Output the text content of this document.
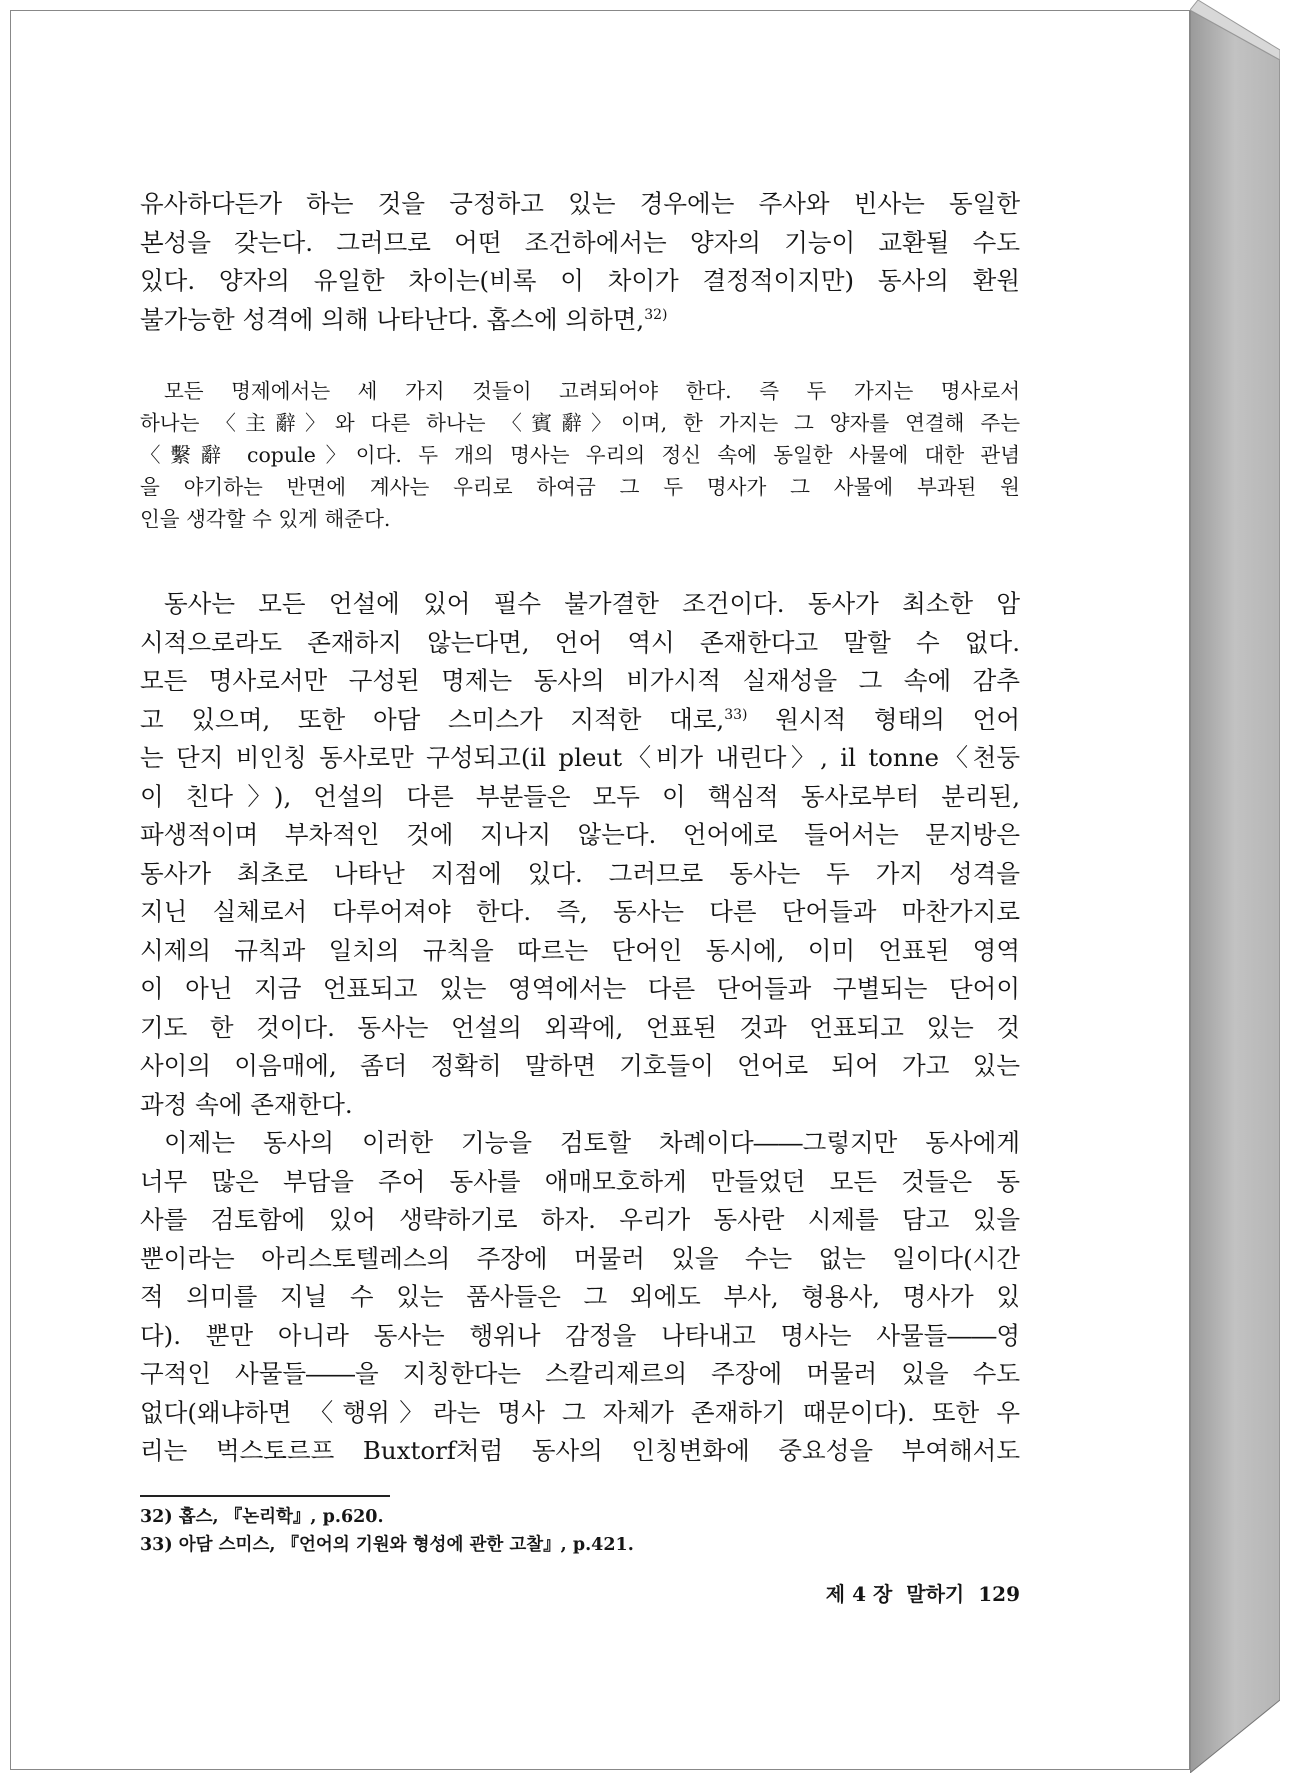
유사하다든가 하는 것을 긍정하고 있는 경우에는 주사와 빈사는 동일한
본성을 갖는다. 그러므로 어떤 조건하에서는 양자의 기능이 교환될 수도
있다. 양자의 유일한 차이는(비록 이 차이가 결정적이지만) 동사의 환원
불가능한 성격에 의해 나타난다. 홉스에 의하면,$^{32)}$
모든 명제에서는 세 가지 것들이 고려되어야 한다. 즉 두 가지는 명사로서
하나는 〈主辭〉와 다른 하나는 〈賓辭〉이며, 한 가지는 그 양자를 연결해 주는
〈繫辭 copule〉이다. 두 개의 명사는 우리의 정신 속에 동일한 사물에 대한 관념
을 야기하는 반면에 계사는 우리로 하여금 그 두 명사가 그 사물에 부과된 원
인을 생각할 수 있게 해준다.
동사는 모든 언설에 있어 필수 불가결한 조건이다. 동사가 최소한 암
시적으로라도 존재하지 않는다면, 언어 역시 존재한다고 말할 수 없다.
모든 명사로서만 구성된 명제는 동사의 비가시적 실재성을 그 속에 감추
고 있으며, 또한 아담 스미스가 지적한 대로,$^{33)}$ 원시적 형태의 언어
는 단지 비인칭 동사로만 구성되고(il pleut〈비가 내린다〉, il tonne〈천둥
이 친다〉), 언설의 다른 부분들은 모두 이 핵심적 동사로부터 분리된,
파생적이며 부차적인 것에 지나지 않는다. 언어에로 들어서는 문지방은
동사가 최초로 나타난 지점에 있다. 그러므로 동사는 두 가지 성격을
지닌 실체로서 다루어져야 한다. 즉, 동사는 다른 단어들과 마찬가지로
시제의 규칙과 일치의 규칙을 따르는 단어인 동시에, 이미 언표된 영역
이 아닌 지금 언표되고 있는 영역에서는 다른 단어들과 구별되는 단어이
기도 한 것이다. 동사는 언설의 외곽에, 언표된 것과 언표되고 있는 것
사이의 이음매에, 좀더 정확히 말하면 기호들이 언어로 되어 가고 있는
과정 속에 존재한다.
이제는 동사의 이러한 기능을 검토할 차례이다――그렇지만 동사에게
너무 많은 부담을 주어 동사를 애매모호하게 만들었던 모든 것들은 동
사를 검토함에 있어 생략하기로 하자. 우리가 동사란 시제를 담고 있을
뿐이라는 아리스토텔레스의 주장에 머물러 있을 수는 없는 일이다(시간
적 의미를 지닐 수 있는 품사들은 그 외에도 부사, 형용사, 명사가 있
다). 뿐만 아니라 동사는 행위나 감정을 나타내고 명사는 사물들――영
구적인 사물들――을 지칭한다는 스칼리제르의 주장에 머물러 있을 수도
없다(왜냐하면 〈행위〉라는 명사 그 자체가 존재하기 때문이다). 또한 우
리는 벅스토르프 Buxtorf처럼 동사의 인칭변화에 중요성을 부여해서도
32) 홉스, 『논리학』, p.620.
33) 아담 스미스, 『언어의 기원와 형성에 관한 고찰』, p.421.
제 4 장 말하기 129
